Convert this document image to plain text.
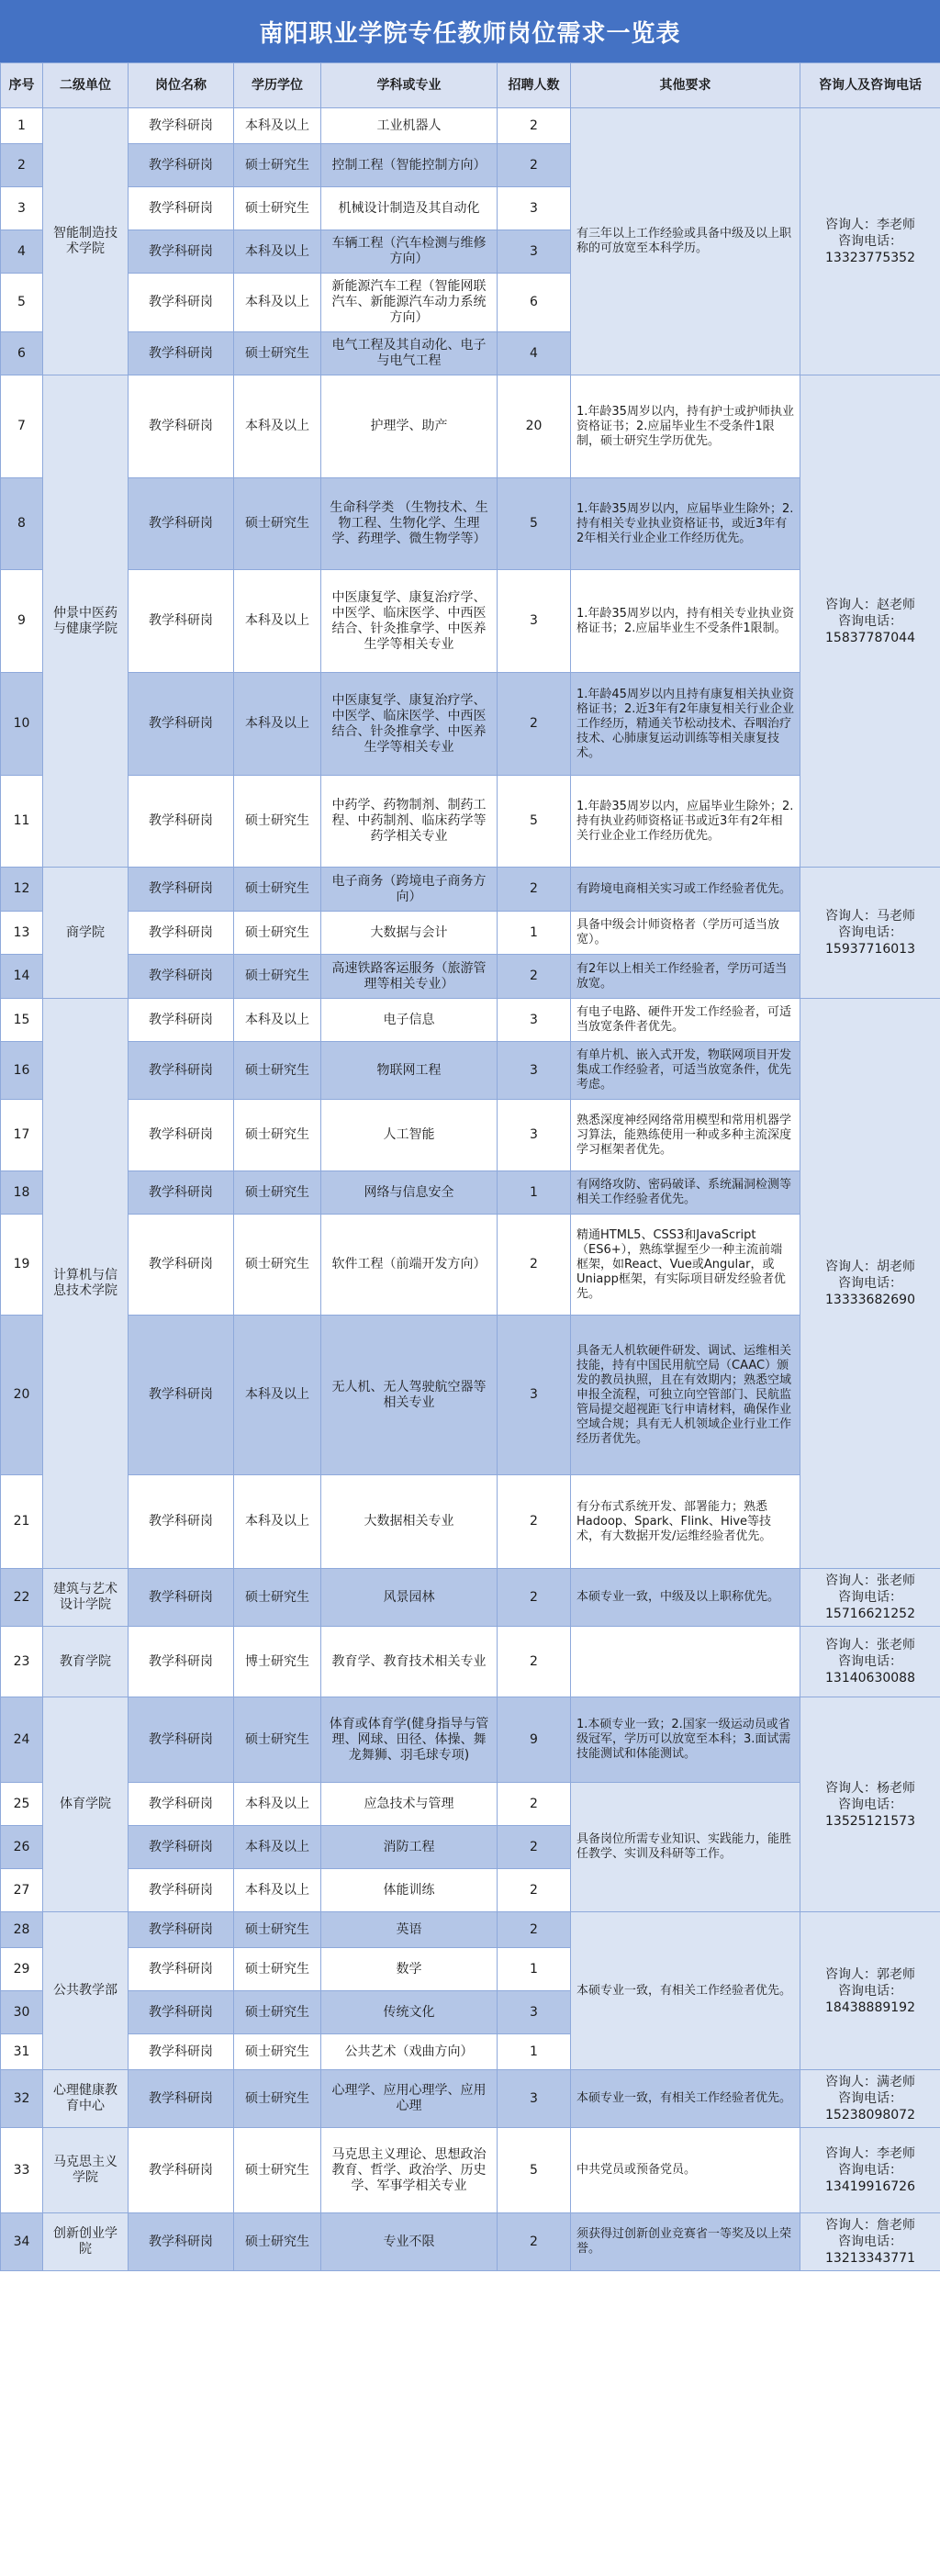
南阳职业学院专任教师岗位需求一览表
序号	二级单位	岗位名称	学历学位	学科或专业	招聘人数	其他要求	咨询人及咨询电话
1	智能制造技术学院	教学科研岗	本科及以上	工业机器人	2	有三年以上工作经验或具备中级及以上职称的可放宽至本科学历。	咨询人：李老师
咨询电话：
13323775352

2		教学科研岗	硕士研究生	控制工程（智能控制方向）	2		
3		教学科研岗	硕士研究生	机械设计制造及其自动化	3		
4		教学科研岗	本科及以上	车辆工程（汽车检测与维修方向）	3		
5		教学科研岗	本科及以上	新能源汽车工程（智能网联汽车、新能源汽车动力系统方向）	6		
6		教学科研岗	硕士研究生	电气工程及其自动化、电子与电气工程	4		
7	仲景中医药与健康学院	教学科研岗	本科及以上	护理学、助产	20	1.年龄35周岁以内，持有护士或护师执业资格证书；2.应届毕业生不受条件1限制，硕士研究生学历优先。	咨询人：赵老师
咨询电话：
15837787044

8		教学科研岗	硕士研究生	生命科学类 （生物技术、生物工程、生物化学、生理学、药理学、微生物学等）	5	1.年龄35周岁以内，应届毕业生除外；2.持有相关专业执业资格证书，或近3年有2年相关行业企业工作经历优先。	
9		教学科研岗	本科及以上	中医康复学、康复治疗学、中医学、临床医学、中西医结合、针灸推拿学、中医养生学等相关专业	3	1.年龄35周岁以内，持有相关专业执业资格证书；2.应届毕业生不受条件1限制。	
10		教学科研岗	本科及以上	中医康复学、康复治疗学、中医学、临床医学、中西医结合、针灸推拿学、中医养生学等相关专业	2	1.年龄45周岁以内且持有康复相关执业资格证书；2.近3年有2年康复相关行业企业工作经历，精通关节松动技术、吞咽治疗技术、心肺康复运动训练等相关康复技术。	
11		教学科研岗	硕士研究生	中药学、药物制剂、制药工程、中药制剂、临床药学等药学相关专业	5	1.年龄35周岁以内，应届毕业生除外；2.持有执业药师资格证书或近3年有2年相关行业企业工作经历优先。	
12	商学院	教学科研岗	硕士研究生	电子商务（跨境电子商务方向）	2	有跨境电商相关实习或工作经验者优先。	咨询人：马老师
咨询电话：
15937716013

13		教学科研岗	硕士研究生	大数据与会计	1	具备中级会计师资格者（学历可适当放宽）。	
14		教学科研岗	硕士研究生	高速铁路客运服务（旅游管理等相关专业）	2	有2年以上相关工作经验者，学历可适当放宽。	
15	计算机与信息技术学院	教学科研岗	本科及以上	电子信息	3	有电子电路、硬件开发工作经验者，可适当放宽条件者优先。	咨询人：胡老师
咨询电话：
13333682690

16		教学科研岗	硕士研究生	物联网工程	3	有单片机、嵌入式开发，物联网项目开发集成工作经验者，可适当放宽条件，优先考虑。	
17		教学科研岗	硕士研究生	人工智能	3	熟悉深度神经网络常用模型和常用机器学习算法，能熟练使用一种或多种主流深度学习框架者优先。	
18		教学科研岗	硕士研究生	网络与信息安全	1	有网络攻防、密码破译、系统漏洞检测等相关工作经验者优先。	
19		教学科研岗	硕士研究生	软件工程（前端开发方向）	2	精通HTML5、CSS3和JavaScript（ES6+），熟练掌握至少一种主流前端框架，如React、Vue或Angular，或Uniapp框架，有实际项目研发经验者优先。	
20		教学科研岗	本科及以上	无人机、无人驾驶航空器等相关专业	3	具备无人机软硬件研发、调试、运维相关技能，持有中国民用航空局（CAAC）颁发的教员执照，且在有效期内；熟悉空域申报全流程，可独立向空管部门、民航监管局提交超视距飞行申请材料，确保作业空域合规；具有无人机领域企业行业工作经历者优先。	
21		教学科研岗	本科及以上	大数据相关专业	2	有分布式系统开发、部署能力；熟悉Hadoop、Spark、Flink、Hive等技术，有大数据开发/运维经验者优先。	
22	建筑与艺术设计学院	教学科研岗	硕士研究生	风景园林	2	本硕专业一致，中级及以上职称优先。	咨询人：张老师
咨询电话：
15716621252

23	教育学院	教学科研岗	博士研究生	教育学、教育技术相关专业	2		咨询人：张老师
咨询电话：
13140630088

24	体育学院	教学科研岗	硕士研究生	体育或体育学(健身指导与管理、网球、田径、体操、舞龙舞狮、羽毛球专项)	9	1.本硕专业一致；2.国家一级运动员或省级冠军，学历可以放宽至本科；3.面试需技能测试和体能测试。	咨询人：杨老师
咨询电话：
13525121573

25		教学科研岗	本科及以上	应急技术与管理	2	具备岗位所需专业知识、实践能力，能胜任教学、实训及科研等工作。	
26		教学科研岗	本科及以上	消防工程	2		
27		教学科研岗	本科及以上	体能训练	2		
28	公共教学部	教学科研岗	硕士研究生	英语	2	本硕专业一致，有相关工作经验者优先。	咨询人：郭老师
咨询电话：
18438889192

29		教学科研岗	硕士研究生	数学	1		
30		教学科研岗	硕士研究生	传统文化	3		
31		教学科研岗	硕士研究生	公共艺术（戏曲方向）	1		
32	心理健康教育中心	教学科研岗	硕士研究生	心理学、应用心理学、应用心理	3	本硕专业一致，有相关工作经验者优先。	咨询人：满老师
咨询电话：
15238098072

33	马克思主义学院	教学科研岗	硕士研究生	马克思主义理论、思想政治教育、哲学、政治学、历史学、军事学相关专业	5	中共党员或预备党员。	咨询人：李老师
咨询电话：
13419916726

34	创新创业学院	教学科研岗	硕士研究生	专业不限	2	须获得过创新创业竞赛省一等奖及以上荣誉。	咨询人：詹老师
咨询电话：
13213343771
